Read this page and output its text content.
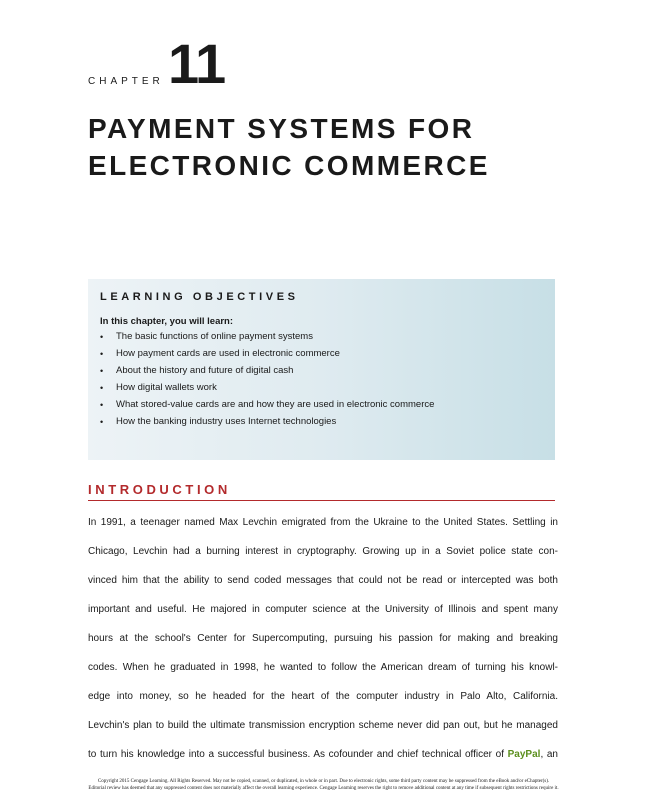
CHAPTER 11
PAYMENT SYSTEMS FOR
ELECTRONIC COMMERCE
LEARNING OBJECTIVES
In this chapter, you will learn:
• The basic functions of online payment systems
• How payment cards are used in electronic commerce
• About the history and future of digital cash
• How digital wallets work
• What stored-value cards are and how they are used in electronic commerce
• How the banking industry uses Internet technologies
INTRODUCTION
In 1991, a teenager named Max Levchin emigrated from the Ukraine to the United States. Settling in
Chicago, Levchin had a burning interest in cryptography. Growing up in a Soviet police state con-
vinced him that the ability to send coded messages that could not be read or intercepted was both
important and useful. He majored in computer science at the University of Illinois and spent many
hours at the school's Center for Supercomputing, pursuing his passion for making and breaking
codes. When he graduated in 1998, he wanted to follow the American dream of turning his knowl-
edge into money, so he headed for the heart of the computer industry in Palo Alto, California.
Levchin's plan to build the ultimate transmission encryption scheme never did pan out, but he managed
to turn his knowledge into a successful business. As cofounder and chief technical officer of PayPal, an
Copyright 2015 Cengage Learning. All Rights Reserved. May not be copied, scanned, or duplicated, in whole or in part. Due to electronic rights, some third party content may be suppressed from the eBook and/or eChapter(s).
Editorial review has deemed that any suppressed content does not materially affect the overall learning experience. Cengage Learning reserves the right to remove additional content at any time if subsequent rights restrictions require it.
